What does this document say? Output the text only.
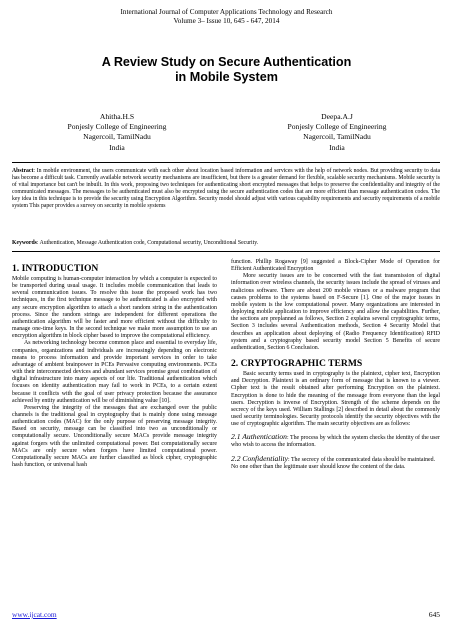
International Journal of Computer Applications Technology and Research
Volume 3– Issue 10, 645 - 647, 2014
A Review Study on Secure Authentication
in Mobile System
Ahitha.H.S
Ponjesly College of Engineering
Nagercoil, TamilNadu
India
Deepa.A.J
Ponjesly College of Engineering
Nagercoil, TamilNadu
India
Abstract: In mobile environment, the users communicate with each other about location based information and services with the help of network nodes. But providing security to data has become a difficult task. Currently available network security mechanisms are insufficient, but there is a greater demand for flexible, scalable security mechanisms. Mobile security is of vital importance but can't be inbuilt. In this work, proposing two techniques for authenticating short encrypted messages that helps to preserve the confidentiality and integrity of the communicated messages. The messages to be authenticated must also be encrypted using the secure authentication codes that are more efficient than message authentication codes. The key idea in this technique is to provide the security using Encryption Algorithm. Security model should adjust with various capability requirements and security requirements of a mobile system This paper provides a survey on security in mobile systems
Keywords: Authentication, Message Authentication code, Computational security, Unconditional Security.
1. INTRODUCTION

Mobile computing is human-computer interaction by which a computer is expected to be transported during usual usage. It includes mobile communication that leads to several communication issues. To resolve this issue the proposed work has two techniques, in the first technique message to be authenticated is also encrypted with any secure encryption algorithm to attach a short random string in the authentication process. Since the random strings are independent for different operations the authentication algorithm will be faster and more efficient without the difficulty to manage one-time keys. In the second technique we make more assumption to use an encryption algorithm in block cipher based to improve the computational efficiency.

As networking technology become common place and essential to everyday life, companies, organizations and individuals are increasingly depending on electronic means to process information and provide important services in order to take advantage of ambient brainpower in PCEs Pervasive computing environments. PCEs with their interconnected devices and abundant services promise great combination of digital infrastructure into many aspects of our life. Traditional authentication which focuses on identity authentication may fail to work in PCEs, to a certain extent because it conflicts with the goal of user privacy protection because the assurance achieved by entity authentication will be of diminishing value [10].

Preserving the integrity of the messages that are exchanged over the public channels is the traditional goal in cryptography that is mainly done using message authentication codes (MAC) for the only purpose of preserving message integrity. Based on security, message can be classified into two as unconditionally or computationally secure. Unconditionally secure MACs provide message integrity against forgers with the unlimited computational power. But computationally secure MACs are only secure when forgers have limited computational power. Computationally secure MACs are further classified as block cipher, cryptographic hash function, or universal hash

function. Phillip Rogaway [9] suggested a Block-Cipher Mode of Operation for Efficient Authenticated Encryption

More security issues are to be concerned with the fast transmission of digital information over wireless channels, the security issues include the spread of viruses and malicious software. There are about 200 mobile viruses or a malware program that causes problems to the systems based on F-Secure [1]. One of the major issues in mobile system is the low computational power. Many organizations are interested in deploying mobile application to improve efficiency and allow the capabilities. Further, the sections are preplanned as follows, Section 2 explains several cryptographic terms, Section 3 includes several Authentication methods, Section 4 Security Model that describes an application about deploying of (Radio Frequency Identification) RFID system and a cryptography based security model Section 5 Benefits of secure authentication, Section 6 Conclusion.

2. CRYPTOGRAPHIC TERMS

Basic security terms used in cryptography is the plaintext, cipher text, Encryption and Decryption. Plaintext is an ordinary form of message that is known to a viewer. Cipher text is the result obtained after performing Encryption on the plaintext. Encryption is done to hide the meaning of the message from everyone than the legal users. Decryption is inverse of Encryption. Strength of the scheme depends on the secrecy of the keys used. William Stallings [2] described in detail about the commonly used security terminologies. Security protocols identify the security objectives with the use of cryptographic algorithm. The main security objectives are as follows:

2.1 Authentication: The process by which the system checks the identity of the user who wish to access the information.

2.2 Confidentiality: The secrecy of the communicated data should be maintained. No one other than the legitimate user should know the content of the data.

www.ijcat.com	645
